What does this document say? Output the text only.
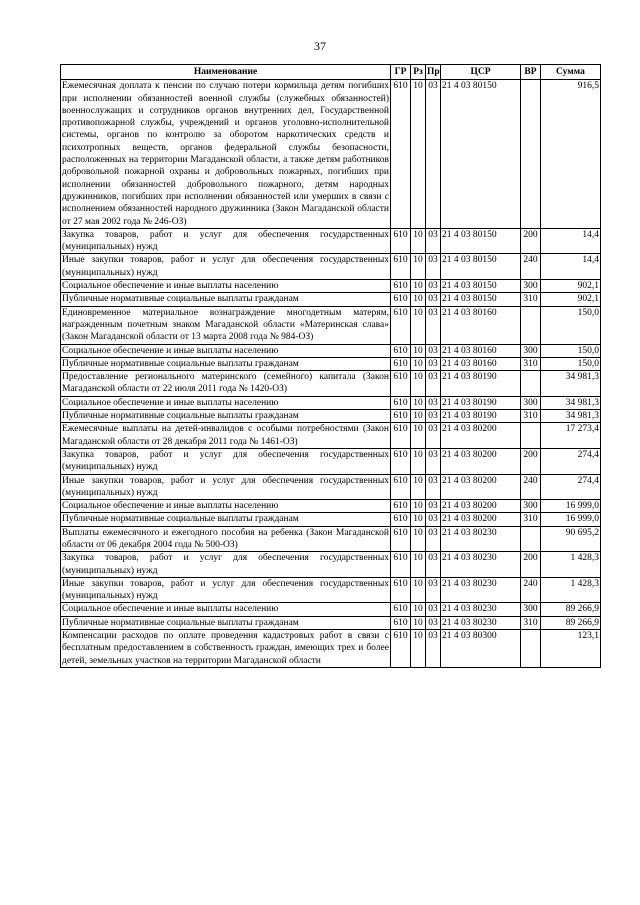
37
Наименование	ГР	Рз	Пр	ЦСР	ВР	Сумма
Ежемесячная доплата к пенсии по случаю потери кормильца детям погибших при исполнении обязанностей военной службы (служебных обязанностей) военнослужащих и сотрудников органов внутренних дел, Государственной противопожарной службы, учреждений и органов уголовно-исполнительной системы, органов по контролю за оборотом наркотических средств и психотропных веществ, органов федеральной службы безопасности, расположенных на территории Магаданской области, а также детям работников добровольной пожарной охраны и добровольных пожарных, погибших при исполнении обязанностей добровольного пожарного, детям народных дружинников, погибших при исполнении обязанностей или умерших в связи с исполнением обязанностей народного дружинника (Закон Магаданской области от 27 мая 2002 года № 246-ОЗ)	610	10	03	21 4 03 80150		916,5
Закупка товаров, работ и услуг для обеспечения государственных (муниципальных) нужд	610	10	03	21 4 03 80150	200	14,4
Иные закупки товаров, работ и услуг для обеспечения государственных (муниципальных) нужд	610	10	03	21 4 03 80150	240	14,4
Социальное обеспечение и иные выплаты населению	610	10	03	21 4 03 80150	300	902,1
Публичные нормативные социальные выплаты гражданам	610	10	03	21 4 03 80150	310	902,1
Единовременное материальное вознаграждение многодетным матерям, награжденным почетным знаком Магаданской области «Материнская слава» (Закон Магаданской области от 13 марта 2008 года № 984-ОЗ)	610	10	03	21 4 03 80160		150,0
Социальное обеспечение и иные выплаты населению	610	10	03	21 4 03 80160	300	150,0
Публичные нормативные социальные выплаты гражданам	610	10	03	21 4 03 80160	310	150,0
Предоставление регионального материнского (семейного) капитала (Закон Магаданской области от 22 июля 2011 года № 1420-ОЗ)	610	10	03	21 4 03 80190		34 981,3
Социальное обеспечение и иные выплаты населению	610	10	03	21 4 03 80190	300	34 981,3
Публичные нормативные социальные выплаты гражданам	610	10	03	21 4 03 80190	310	34 981,3
Ежемесячные выплаты на детей-инвалидов с особыми потребностями (Закон Магаданской области от 28 декабря 2011 года № 1461-ОЗ)	610	10	03	21 4 03 80200		17 273,4
Закупка товаров, работ и услуг для обеспечения государственных (муниципальных) нужд	610	10	03	21 4 03 80200	200	274,4
Иные закупки товаров, работ и услуг для обеспечения государственных (муниципальных) нужд	610	10	03	21 4 03 80200	240	274,4
Социальное обеспечение и иные выплаты населению	610	10	03	21 4 03 80200	300	16 999,0
Публичные нормативные социальные выплаты гражданам	610	10	03	21 4 03 80200	310	16 999,0
Выплаты ежемесячного и ежегодного пособия на ребенка (Закон Магаданской области от 06 декабря 2004 года № 500-ОЗ)	610	10	03	21 4 03 80230		90 695,2
Закупка товаров, работ и услуг для обеспечения государственных (муниципальных) нужд	610	10	03	21 4 03 80230	200	1 428,3
Иные закупки товаров, работ и услуг для обеспечения государственных (муниципальных) нужд	610	10	03	21 4 03 80230	240	1 428,3
Социальное обеспечение и иные выплаты населению	610	10	03	21 4 03 80230	300	89 266,9
Публичные нормативные социальные выплаты гражданам	610	10	03	21 4 03 80230	310	89 266,9
Компенсации расходов по оплате проведения кадастровых работ в связи с бесплатным предоставлением в собственность граждан, имеющих трех и более детей, земельных участков на территории Магаданской области	610	10	03	21 4 03 80300		123,1
